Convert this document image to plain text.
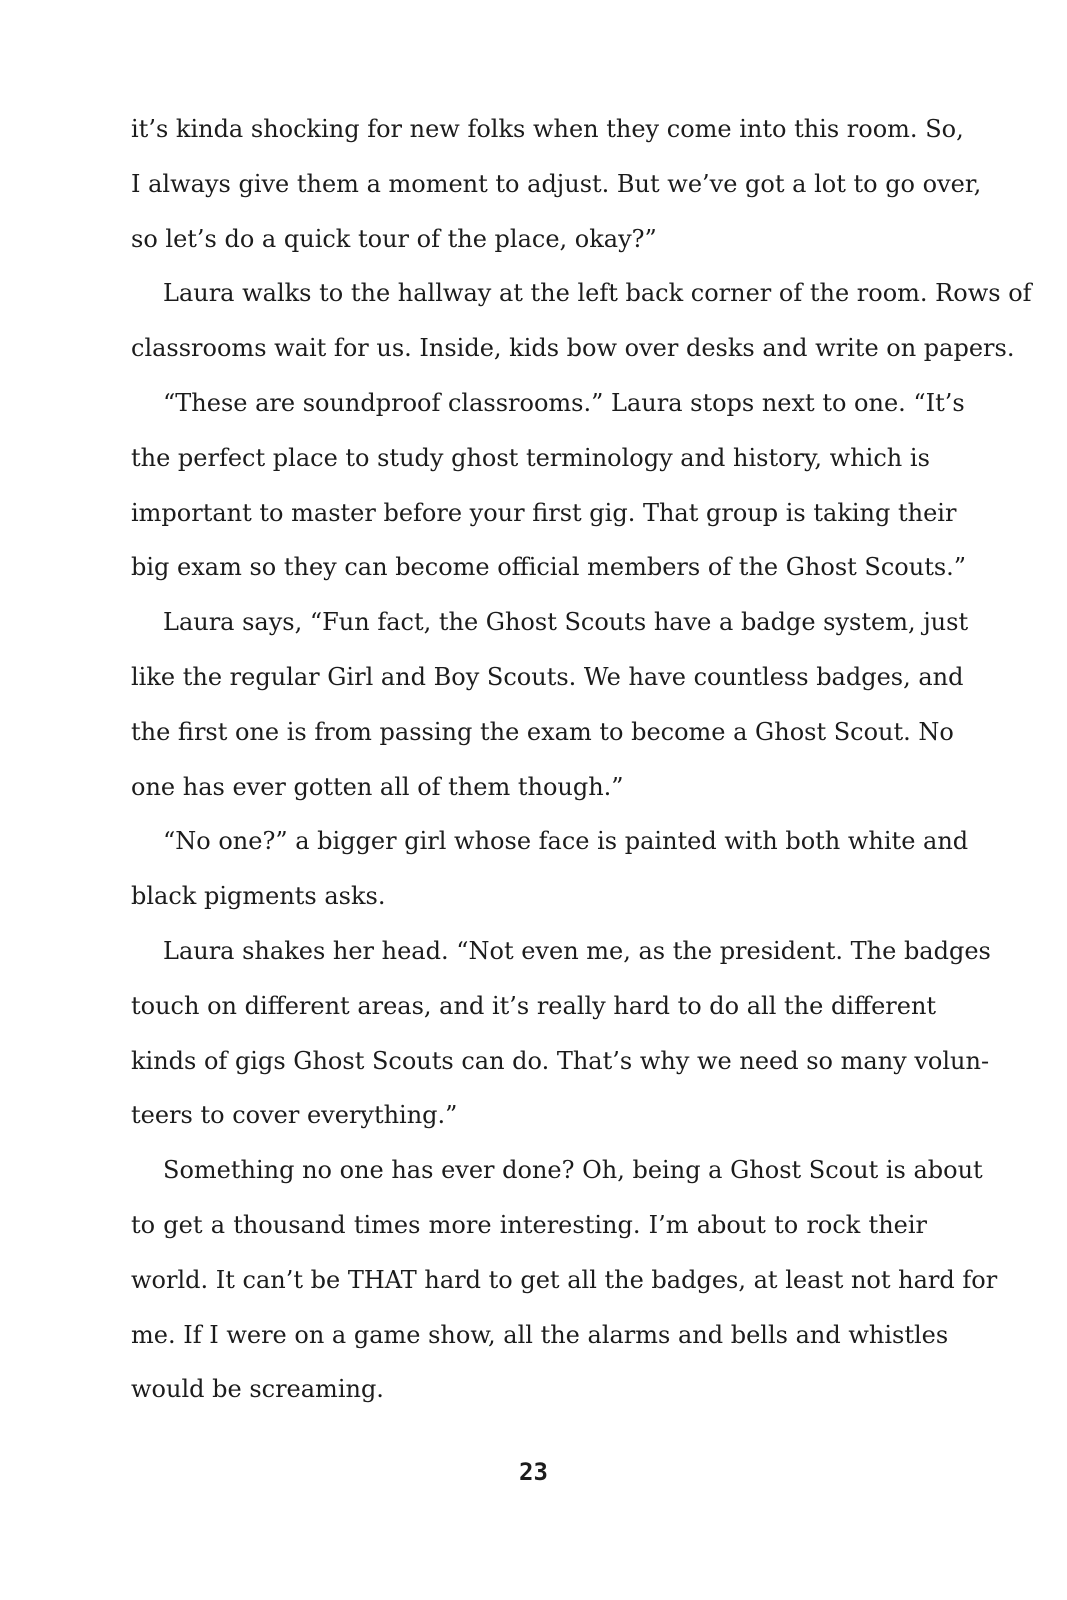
it’s kinda shocking for new folks when they come into this room. So,
I always give them a moment to adjust. But we’ve got a lot to go over,
so let’s do a quick tour of the place, okay?”
Laura walks to the hallway at the left back corner of the room. Rows of
classrooms wait for us. Inside, kids bow over desks and write on papers.
“These are soundproof classrooms.” Laura stops next to one. “It’s
the perfect place to study ghost terminology and history, which is
important to master before your first gig. That group is taking their
big exam so they can become official members of the Ghost Scouts.”
Laura says, “Fun fact, the Ghost Scouts have a badge system, just
like the regular Girl and Boy Scouts. We have countless badges, and
the first one is from passing the exam to become a Ghost Scout. No
one has ever gotten all of them though.”
“No one?” a bigger girl whose face is painted with both white and
black pigments asks.
Laura shakes her head. “Not even me, as the president. The badges
touch on different areas, and it’s really hard to do all the different
kinds of gigs Ghost Scouts can do. That’s why we need so many volun-
teers to cover everything.”
Something no one has ever done? Oh, being a Ghost Scout is about
to get a thousand times more interesting. I’m about to rock their
world. It can’t be THAT hard to get all the badges, at least not hard for
me. If I were on a game show, all the alarms and bells and whistles
would be screaming.
23
